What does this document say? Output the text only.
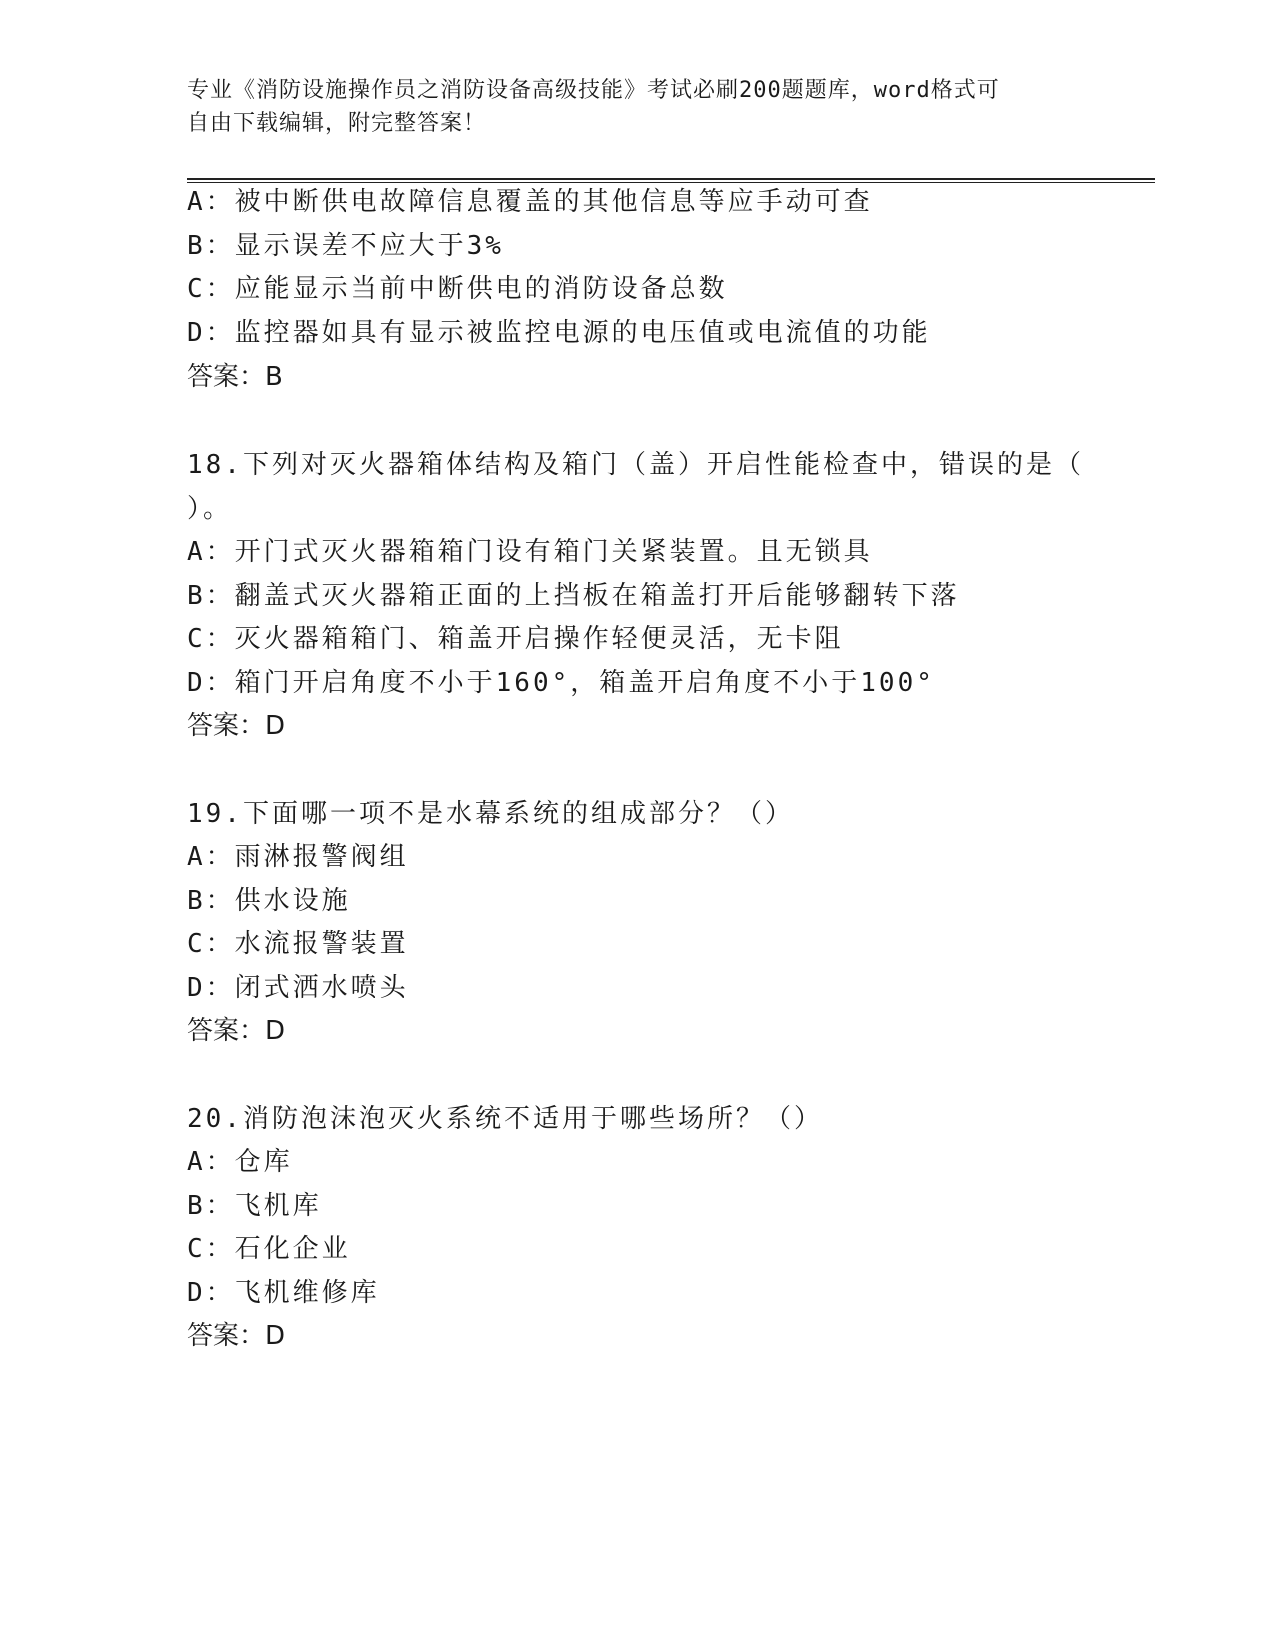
专业《消防设施操作员之消防设备高级技能》考试必刷200题题库，word格式可
自由下载编辑，附完整答案！
A：被中断供电故障信息覆盖的其他信息等应手动可查
B：显示误差不应大于3%
C：应能显示当前中断供电的消防设备总数
D：监控器如具有显示被监控电源的电压值或电流值的功能
答案：B
18.下列对灭火器箱体结构及箱门（盖）开启性能检查中，错误的是（
）。
A：开门式灭火器箱箱门设有箱门关紧装置。且无锁具
B：翻盖式灭火器箱正面的上挡板在箱盖打开后能够翻转下落
C：灭火器箱箱门、箱盖开启操作轻便灵活，无卡阻
D：箱门开启角度不小于160°，箱盖开启角度不小于100°
答案：D
19.下面哪一项不是水幕系统的组成部分？（）
A：雨淋报警阀组
B：供水设施
C：水流报警装置
D：闭式洒水喷头
答案：D
20.消防泡沫泡灭火系统不适用于哪些场所？（）
A：仓库
B：飞机库
C：石化企业
D：飞机维修库
答案：D
